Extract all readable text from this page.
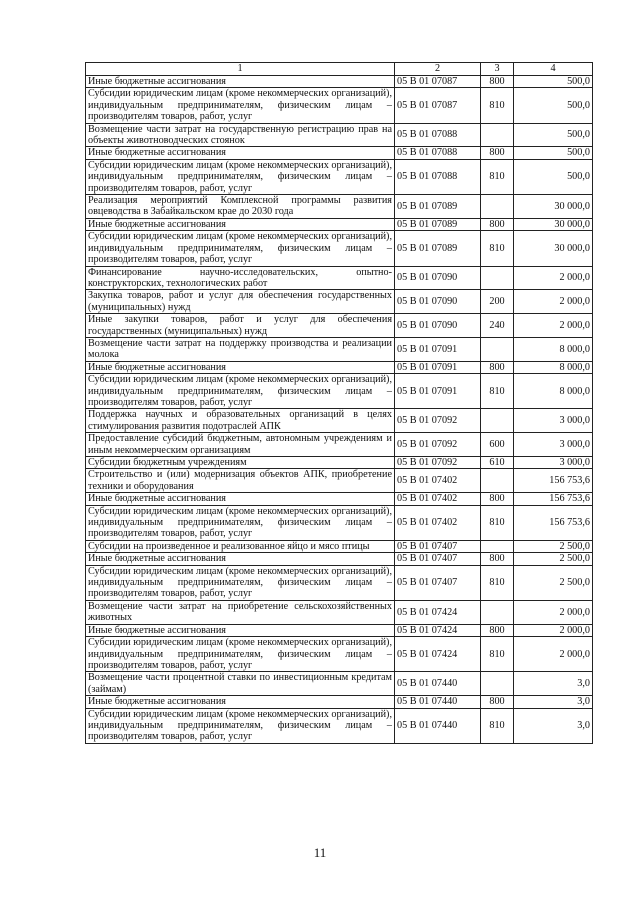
1	2	3	4
Иные бюджетные ассигнования	05 В 01 07087	800	500,0
Субсидии юридическим лицам (кроме некоммерческих организаций), индивидуальным предпринимателям, физическим лицам – производителям товаров, работ, услуг	05 В 01 07087	810	500,0
Возмещение части затрат на государственную регистрацию прав на объекты животноводческих стоянок	05 В 01 07088		500,0
Иные бюджетные ассигнования	05 В 01 07088	800	500,0
Субсидии юридическим лицам (кроме некоммерческих организаций), индивидуальным предпринимателям, физическим лицам – производителям товаров, работ, услуг	05 В 01 07088	810	500,0
Реализация мероприятий Комплексной программы развития овцеводства в Забайкальском крае до 2030 года	05 В 01 07089		30 000,0
Иные бюджетные ассигнования	05 В 01 07089	800	30 000,0
Субсидии юридическим лицам (кроме некоммерческих организаций), индивидуальным предпринимателям, физическим лицам – производителям товаров, работ, услуг	05 В 01 07089	810	30 000,0
Финансирование научно-исследовательских, опытно-конструкторских, технологических работ	05 В 01 07090		2 000,0
Закупка товаров, работ и услуг для обеспечения государственных (муниципальных) нужд	05 В 01 07090	200	2 000,0
Иные закупки товаров, работ и услуг для обеспечения государственных (муниципальных) нужд	05 В 01 07090	240	2 000,0
Возмещение части затрат на поддержку производства и реализации молока	05 В 01 07091		8 000,0
Иные бюджетные ассигнования	05 В 01 07091	800	8 000,0
Субсидии юридическим лицам (кроме некоммерческих организаций), индивидуальным предпринимателям, физическим лицам – производителям товаров, работ, услуг	05 В 01 07091	810	8 000,0
Поддержка научных и образовательных организаций в целях стимулирования развития подотраслей АПК	05 В 01 07092		3 000,0
Предоставление субсидий бюджетным, автономным учреждениям и иным некоммерческим организациям	05 В 01 07092	600	3 000,0
Субсидии бюджетным учреждениям	05 В 01 07092	610	3 000,0
Строительство и (или) модернизация объектов АПК, приобретение техники и оборудования	05 В 01 07402		156 753,6
Иные бюджетные ассигнования	05 В 01 07402	800	156 753,6
Субсидии юридическим лицам (кроме некоммерческих организаций), индивидуальным предпринимателям, физическим лицам – производителям товаров, работ, услуг	05 В 01 07402	810	156 753,6
Субсидии на произведенное и реализованное яйцо и мясо птицы	05 В 01 07407		2 500,0
Иные бюджетные ассигнования	05 В 01 07407	800	2 500,0
Субсидии юридическим лицам (кроме некоммерческих организаций), индивидуальным предпринимателям, физическим лицам – производителям товаров, работ, услуг	05 В 01 07407	810	2 500,0
Возмещение части затрат на приобретение сельскохозяйственных животных	05 В 01 07424		2 000,0
Иные бюджетные ассигнования	05 В 01 07424	800	2 000,0
Субсидии юридическим лицам (кроме некоммерческих организаций), индивидуальным предпринимателям, физическим лицам – производителям товаров, работ, услуг	05 В 01 07424	810	2 000,0
Возмещение части процентной ставки по инвестиционным кредитам (займам)	05 В 01 07440		3,0
Иные бюджетные ассигнования	05 В 01 07440	800	3,0
Субсидии юридическим лицам (кроме некоммерческих организаций), индивидуальным предпринимателям, физическим лицам – производителям товаров, работ, услуг	05 В 01 07440	810	3,0
11
